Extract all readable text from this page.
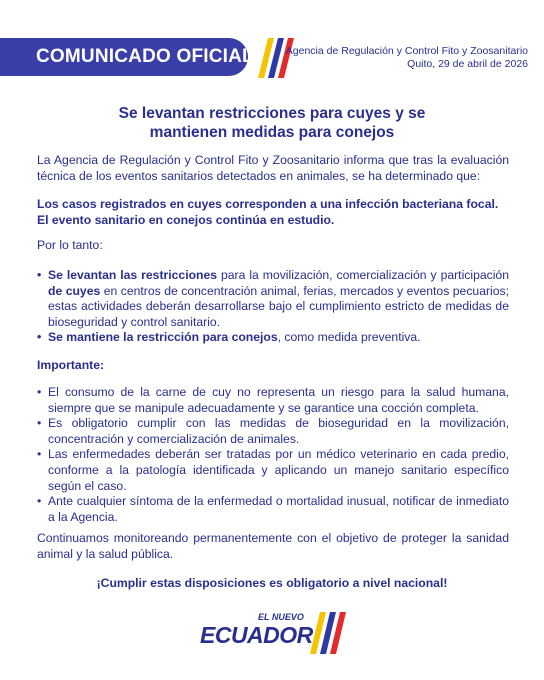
COMUNICADO OFICIAL	Agencia de Regulación y Control Fito y Zoosanitario
Quito, 29 de abril de 2026
Se levantan restricciones para cuyes y se
mantienen medidas para conejos
La Agencia de Regulación y Control Fito y Zoosanitario informa que tras la evaluación técnica de los eventos sanitarios detectados en animales, se ha determinado que:
Los casos registrados en cuyes corresponden a una infección bacteriana focal.
El evento sanitario en conejos continúa en estudio.
Por lo tanto:
• Se levantan las restricciones para la movilización, comercialización y participación de cuyes en centros de concentración animal, ferias, mercados y eventos pecuarios; estas actividades deberán desarrollarse bajo el cumplimiento estricto de medidas de bioseguridad y control sanitario.
• Se mantiene la restricción para conejos, como medida preventiva.
Importante:
• El consumo de la carne de cuy no representa un riesgo para la salud humana, siempre que se manipule adecuadamente y se garantice una cocción completa.
• Es obligatorio cumplir con las medidas de bioseguridad en la movilización, concentración y comercialización de animales.
• Las enfermedades deberán ser tratadas por un médico veterinario en cada predio, conforme a la patología identificada y aplicando un manejo sanitario específico según el caso.
• Ante cualquier síntoma de la enfermedad o mortalidad inusual, notificar de inmediato a la Agencia.
Continuamos monitoreando permanentemente con el objetivo de proteger la sanidad animal y la salud pública.
¡Cumplir estas disposiciones es obligatorio a nivel nacional!
EL NUEVO
ECUADOR
